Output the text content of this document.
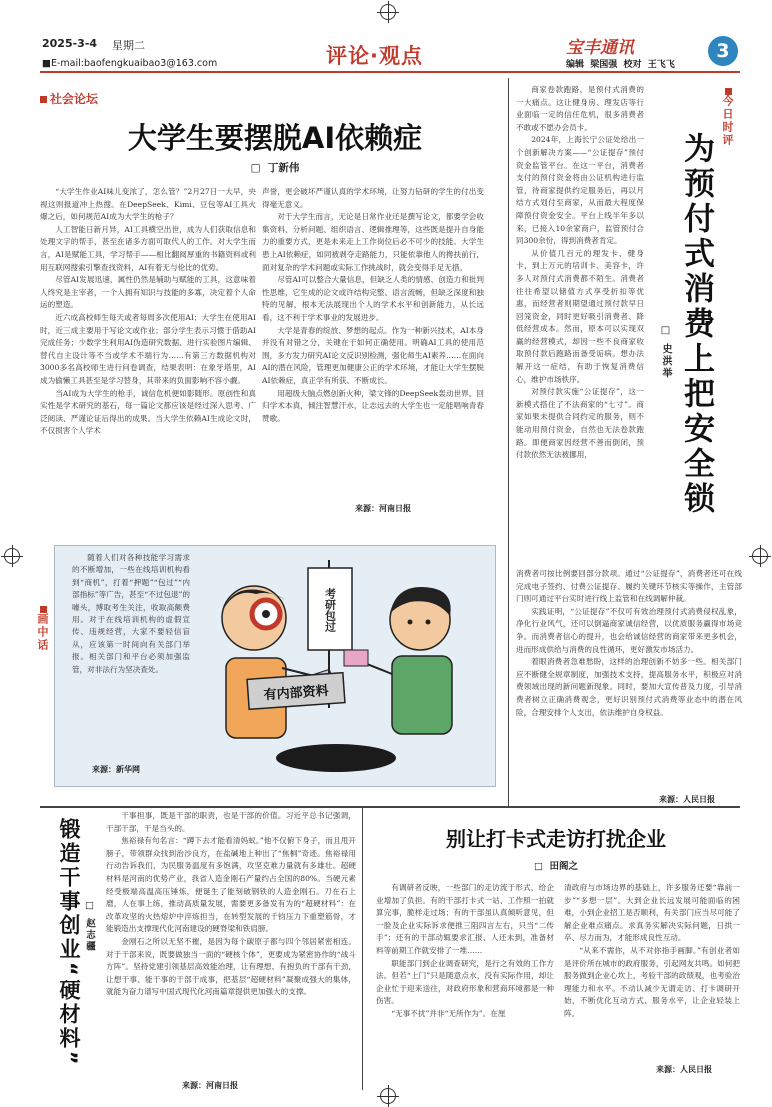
2025-3-4 星期二
■E-mail:baofengkuaibao3@163.com	评论·观点	宝丰通讯
编辑  梁国强  校对  王飞飞
3
社会论坛
大学生要摆脱AI依赖症
□  丁新伟

“大学生作业AI味儿变浓了，怎么管？”2月27日一大早，央视这则报道冲上热搜。在DeepSeek、Kimi、豆包等AI工具火爆之后，如何规范AI成为大学生的枪子？

人工智能日新月异，AI工具横空出世，成为人们获取信息和处理文字的帮手，甚至在诸多方面可取代人的工作。对大学生而言，AI是赋能工具，学习帮手——相比翻阅厚重的书籍资料或利用互联网搜索引擎查找资料，AI有着无与伦比的优势。

尽管AI发展迅速，属性仍然是辅助与赋能的工具，这意味着人终究是主宰者，一个人拥有知识与技能的多寡，决定着个人命运的塑造。

近六成高校师生每天或者每周多次使用AI；大学生在使用AI时，近三成主要用于写论文或作业；部分学生表示习惯于借助AI完成任务；少数学生利用AI伪造研究数据、进行实验图片编辑、替代自主设计等不当或学术不端行为……有第三方数据机构对3000多名高校师生进行问卷调查，结果表明：在象牙塔里，AI成为偷懒工具甚至是学习替身，其带来的负面影响不容小觑。

当AI成为大学生的枪手，诚信危机便如影随形。原创性和真实性是学术研究的基石，每一篇论文都应该是经过深入思考、广泛阅读、严谨论证后得出的成果。当大学生依赖AI生成论文时，不仅损害个人学术

声誉，更会破坏严谨认真的学术环境，让努力钻研的学生的付出变得毫无意义。

对于大学生而言，无论是日常作业还是撰写论文，都要学会收集资料、分析问题、组织语言、逻辑推理等，这些既是提升自身能力的重要方式，更是未来走上工作岗位后必不可少的技能。大学生患上AI依赖症，如同被剥夺走路能力，只能依靠他人的搀扶前行，面对复杂的学术问题或实际工作挑战时，就会变得手足无措。

尽管AI可以整合大量信息，但缺乏人类的情感、创造力和批判性思维，它生成的论文或许结构完整、语言流畅，但缺乏深度和独特的见解，根本无法展现出个人的学术水平和创新能力，从长远看，这不利于学术事业的发展进步。

大学是青春的绽放、梦想的起点。作为一种新兴技术，AI本身并没有对错之分，关键在于如何正确使用。明确AI工具的使用范围，多方发力研究AI论文反识别检测，强化师生AI素养……在面向AI的潜在风险，管理更加健康公正的学术环境，才能让大学生摆脱AI依赖症，真正学有所获、不断成长。

用超级大脑点燃创新火种，梁文锋的DeepSeek轰动世界。回归学术本真，倾注智慧汗水，让志远去的大学生也一定能唱响青春赞歌。

来源：河南日报
今日时评
为预付式消费上把安全锁
□ 史洪举

商家卷款跑路，是预付式消费的一大痛点。这让健身房、理发店等行业面临一定的信任危机，很多消费者不敢或不愿办会员卡。

2024年，上海长宁公证处给出一个创新解决方案——“公证提存”预付资金监管平台。在这一平台，消费者支付的预付资金将由公证机构进行监管，待商家提供约定服务后，再以月结方式划付至商家，从而最大程度保障预付资金安全。平台上线半年多以来，已接入10余家商户，监管预付合同300余份，得到消费者肯定。

从价值几百元的理发卡、健身卡，到上万元的培训卡、美容卡，许多人对预付式消费都不陌生。消费者往往希望以储值方式享受折扣等优惠，而经营者则期望通过预付款早日回笼资金，同时更好吸引消费者、降低经营成本。然而，原本可以实现双赢的经营模式，却因一些不良商家收取预付款后跑路而备受诟病。想办法解开这一症结，有助于恢复消费信心，维护市场秩序。

对预付款实施“公证提存”，这一新模式搭住了不法商家的“七寸”。商家如果未提供合同约定的服务，则不能动用预付资金，自然也无法卷款跑路。即便商家因经营不善而倒闭，预付款依然无法被挪用，

消费者可按比例要回部分款项。通过“公证提存”，消费者还可在线完成电子签约、付费公证提存、履约关键环节核实等操作，主管部门则可通过平台实时进行线上监管和在线调解仲裁。

实践证明，“公证提存”不仅可有效治理预付式消费侵权乱象，净化行业风气，还可以倒逼商家诚信经营，以优质服务赢得市场竞争。而消费者信心的提升，也会给诚信经营的商家带来更多机会，进而形成供给与消费的良性循环，更好激发市场活力。

着眼消费者急难愁盼，这样的治理创新不妨多一些。相关部门应不断健全规章制度，加强技术支持，提高服务水平，积极应对消费领域出现的新问题新现象。同时，要加大宣传普及力度，引导消费者树立正确消费观念，更好识别预付式消费等业态中的潜在风险，合理安排个人支出，依法维护自身权益。

来源：人民日报
画中话

随着人们对各种技能学习需求的不断增加，一些在线培训机构看到“商机”，打着“押题”“包过”“内部指标”等广告，甚至“不过包退”的噱头，博取考生关注，收取高额费用。对于在线培训机构的虚假宣传、违规经营，大家不要轻信盲从，应该第一时间向有关部门举报。相关部门和平台必须加强监管，对非法行为坚决查处。

来源：新华网
考研包过
有内部资料
锻造干事创业“硬材料” □ 赵志疆

干事担事，既是干部的职责，也是干部的价值。习近平总书记强调，干部干部，干是当头的。

焦裕禄有句名言：“蹲下去才能看清妈蚁。”他不仅俯下身子，而且甩开膀子，带领群众找到治沙良方，在盐碱地上种出了“焦桐”奇迹。焦裕禄用行动告诉我们，为民服务温度有多饱满，攻坚克难力量就有多雄壮。超硬材料是河南的优势产业，我省人造金刚石产量约占全国的80%。当硬元素经受极端高温高压锤炼，便诞生了能刻破钢铁的人造金刚石。刀在石上磨，人在事上练，推动高质量发展，需要更多备发有为的“超硬材料”：在改革攻坚的火热熔炉中淬炼担当，在转型发展的千钧压力下重塑筋骨，才能锻造出支撑现代化河南建设的硬脊梁和铁肩膀。

金刚石之所以无坚不摧，是因为每个碳原子都与四个邻居紧密相连。对于干部来说，既要做独当一面的“硬核个体”，更要成为紧密协作的“战斗方阵”。坚持党建引领基层高效能治理，让有理想、有抱负的干部有干劲，让想干事、能干事的干部干成事，把基层“超硬材料”凝聚成强大的集体，就能为奋力谱写中国式现代化河南篇章提供更加强大的支撑。

来源：河南日报
别让打卡式走访打扰企业
□  田阁之

有调研者反映，一些部门的走访流于形式，给企业增加了负担。有的干部打卡式一站、工作照一拍就算完事，脆样走过场；有的干部虽认真倾听意见，但一脸及企业实际诉求便推三阻四言左右，只当“二传手”；还有的干部动辄要求汇报、人还未到，准备材料等前期工作就安排了一堆……

职能部门到企业调查研究，是行之有效的工作方法。但若“上门”只是随意点水，没有实际作用，却让企业忙于迎来送往，对政府形象和营商环境都是一种伤害。

“无事不扰”并非“无所作为”。在厘

清政府与市场边界的基础上，许多服务还要“靠前一步”“多想一层”。大到企业长远发展可能面临的困难，小到企业招工是否顺利，有关部门应当尽可能了解企业难点痛点。求真务实解决实际问题，日拱一卒、尽力而为，才能形成良性互动。

“从来不需你，从不对你指手画脚。”有创业者如是评价所在城市的政府服务，引起网友共鸣。如何把服务做到企业心坎上，考验干部的政绩观，也考验治理能力和水平。不动认减少无谓走访、打卡调研开始，不断优化互动方式、服务水平，让企业轻装上阵。

来源：人民日报
